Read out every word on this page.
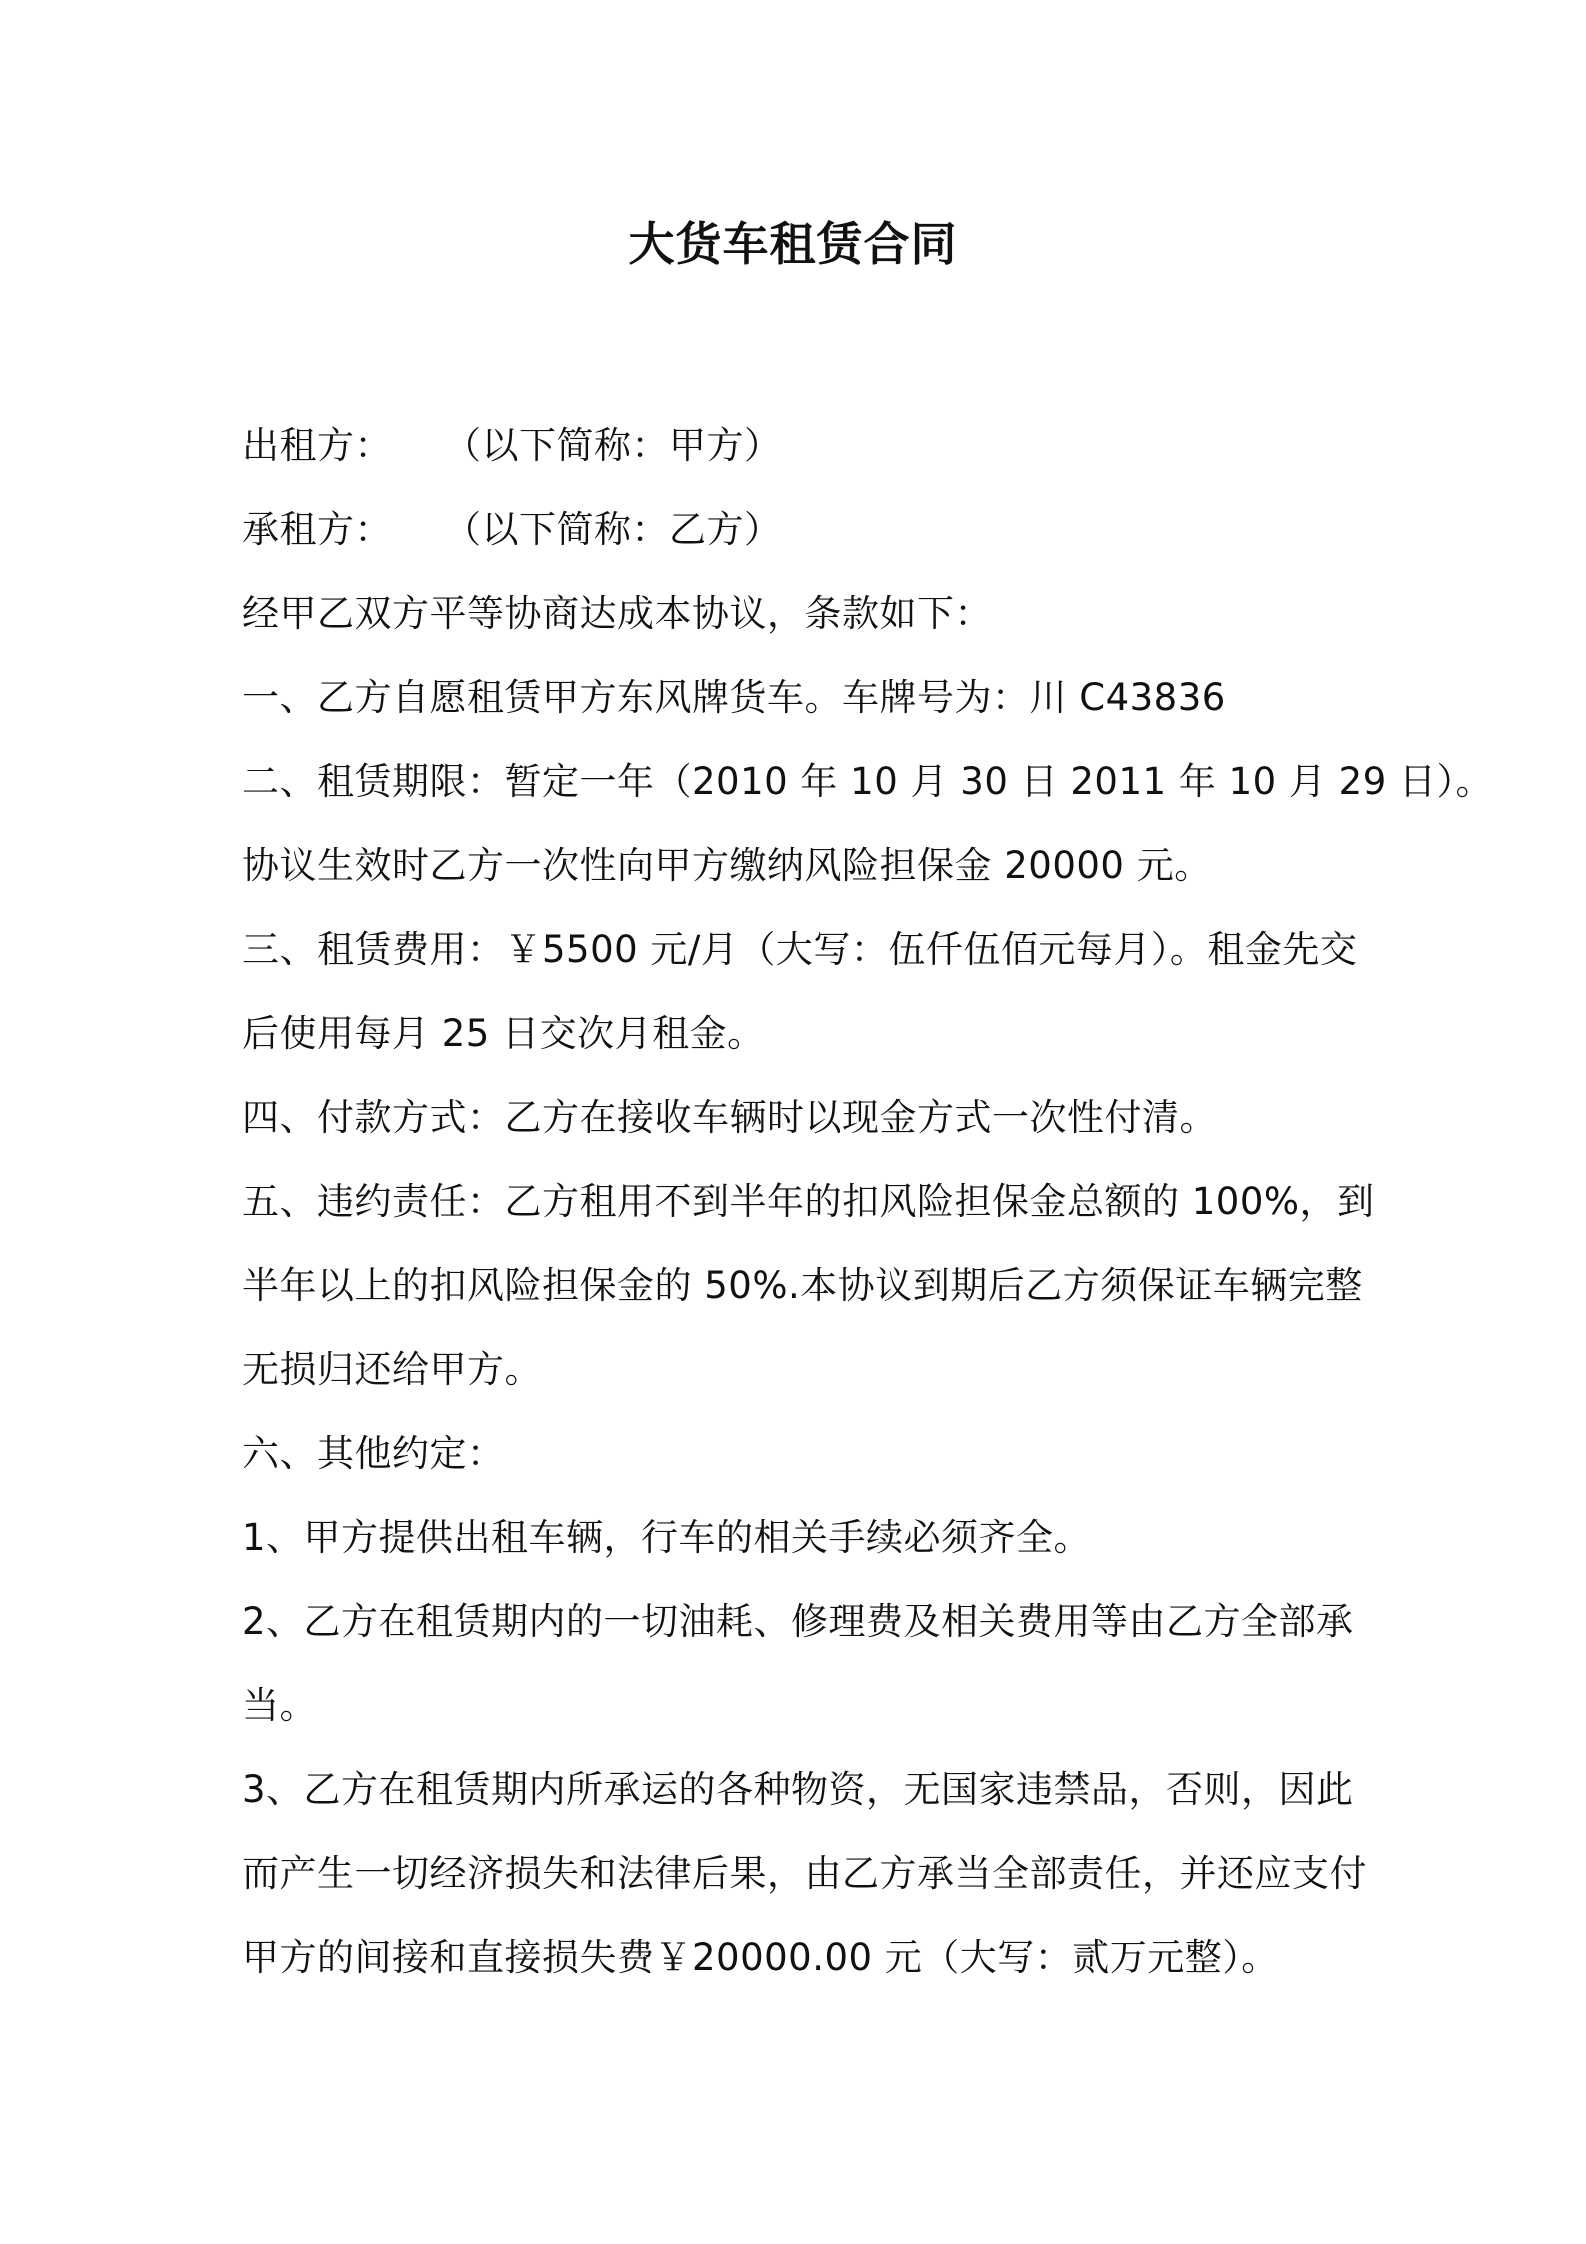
大货车租赁合同
出租方： （以下简称：甲方）
承租方： （以下简称：乙方）
经甲乙双方平等协商达成本协议，条款如下：
一、乙方自愿租赁甲方东风牌货车。车牌号为：川 C43836
二、租赁期限：暂定一年（2010 年 10 月 30 日 2011 年 10 月 29 日）。
协议生效时乙方一次性向甲方缴纳风险担保金 20000 元。
三、租赁费用：￥5500 元/月（大写：伍仟伍佰元每月）。租金先交
后使用每月 25 日交次月租金。
四、付款方式：乙方在接收车辆时以现金方式一次性付清。
五、违约责任：乙方租用不到半年的扣风险担保金总额的 100%，到
半年以上的扣风险担保金的 50%.本协议到期后乙方须保证车辆完整
无损归还给甲方。
六、其他约定：
1、甲方提供出租车辆，行车的相关手续必须齐全。
2、乙方在租赁期内的一切油耗、修理费及相关费用等由乙方全部承
当。
3、乙方在租赁期内所承运的各种物资，无国家违禁品，否则，因此
而产生一切经济损失和法律后果，由乙方承当全部责任，并还应支付
甲方的间接和直接损失费￥20000.00 元（大写：贰万元整）。
